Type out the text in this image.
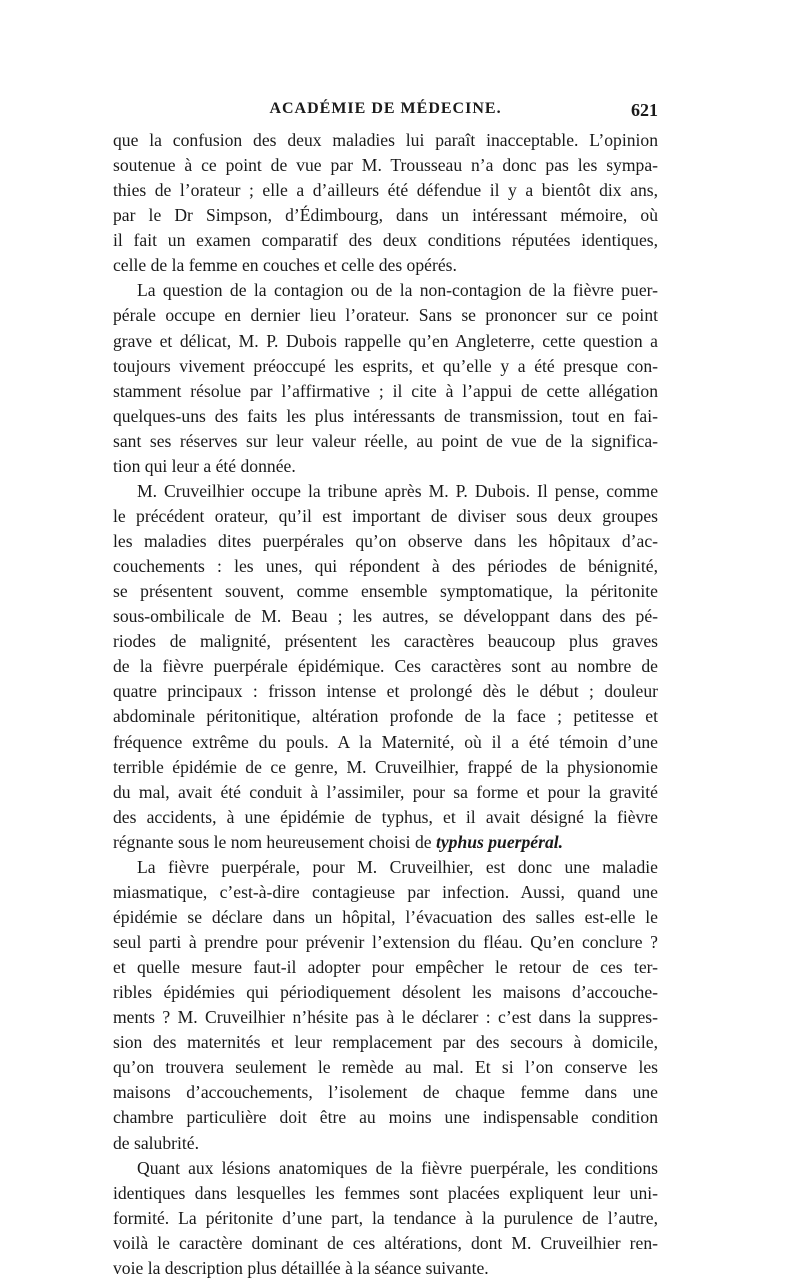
ACADÉMIE DE MÉDECINE.	621
que la confusion des deux maladies lui paraît inacceptable. L’opinion
soutenue à ce point de vue par M. Trousseau n’a donc pas les sympa-
thies de l’orateur ; elle a d’ailleurs été défendue il y a bientôt dix ans,
par le Dr Simpson, d’Édimbourg, dans un intéressant mémoire, où
il fait un examen comparatif des deux conditions réputées identiques,
celle de la femme en couches et celle des opérés.
La question de la contagion ou de la non-contagion de la fièvre puer-
pérale occupe en dernier lieu l’orateur. Sans se prononcer sur ce point
grave et délicat, M. P. Dubois rappelle qu’en Angleterre, cette question a
toujours vivement préoccupé les esprits, et qu’elle y a été presque con-
stamment résolue par l’affirmative ; il cite à l’appui de cette allégation
quelques-uns des faits les plus intéressants de transmission, tout en fai-
sant ses réserves sur leur valeur réelle, au point de vue de la significa-
tion qui leur a été donnée.
M. Cruveilhier occupe la tribune après M. P. Dubois. Il pense, comme
le précédent orateur, qu’il est important de diviser sous deux groupes
les maladies dites puerpérales qu’on observe dans les hôpitaux d’ac-
couchements : les unes, qui répondent à des périodes de bénignité,
se présentent souvent, comme ensemble symptomatique, la péritonite
sous-ombilicale de M. Beau ; les autres, se développant dans des pé-
riodes de malignité, présentent les caractères beaucoup plus graves
de la fièvre puerpérale épidémique. Ces caractères sont au nombre de
quatre principaux : frisson intense et prolongé dès le début ; douleur
abdominale péritonitique, altération profonde de la face ; petitesse et
fréquence extrême du pouls. A la Maternité, où il a été témoin d’une
terrible épidémie de ce genre, M. Cruveilhier, frappé de la physionomie
du mal, avait été conduit à l’assimiler, pour sa forme et pour la gravité
des accidents, à une épidémie de typhus, et il avait désigné la fièvre
régnante sous le nom heureusement choisi de typhus puerpéral.
La fièvre puerpérale, pour M. Cruveilhier, est donc une maladie
miasmatique, c’est-à-dire contagieuse par infection. Aussi, quand une
épidémie se déclare dans un hôpital, l’évacuation des salles est-elle le
seul parti à prendre pour prévenir l’extension du fléau. Qu’en conclure ?
et quelle mesure faut-il adopter pour empêcher le retour de ces ter-
ribles épidémies qui périodiquement désolent les maisons d’accouche-
ments ? M. Cruveilhier n’hésite pas à le déclarer : c’est dans la suppres-
sion des maternités et leur remplacement par des secours à domicile,
qu’on trouvera seulement le remède au mal. Et si l’on conserve les
maisons d’accouchements, l’isolement de chaque femme dans une
chambre particulière doit être au moins une indispensable condition
de salubrité.
Quant aux lésions anatomiques de la fièvre puerpérale, les conditions
identiques dans lesquelles les femmes sont placées expliquent leur uni-
formité. La péritonite d’une part, la tendance à la purulence de l’autre,
voilà le caractère dominant de ces altérations, dont M. Cruveilhier ren-
voie la description plus détaillée à la séance suivante.
